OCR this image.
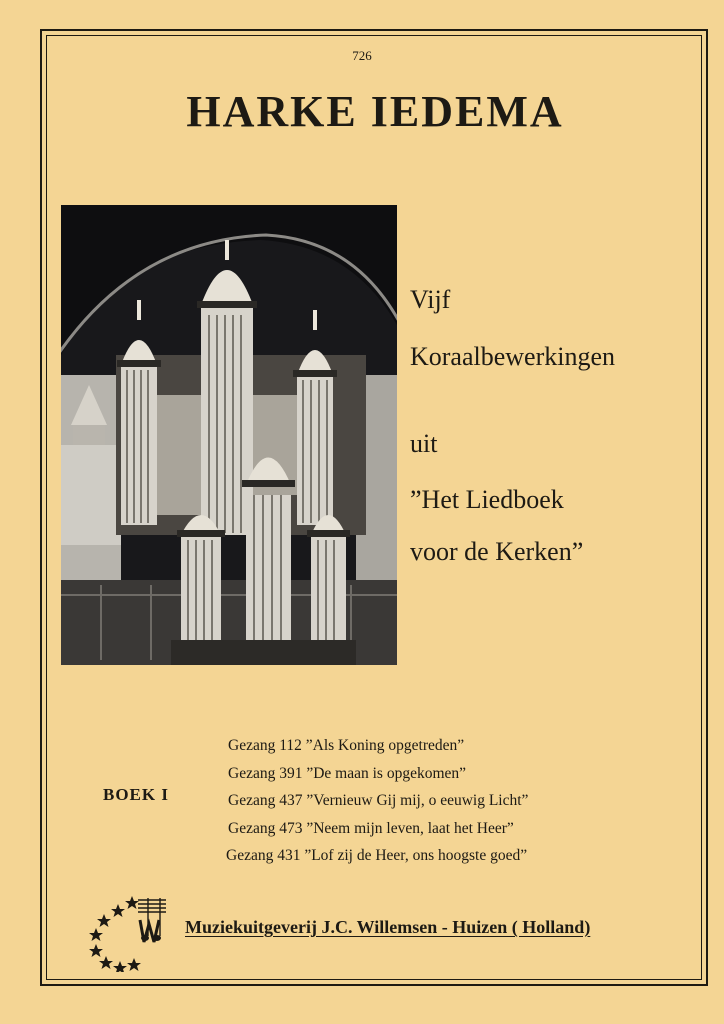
726
HARKE IEDEMA
Vijf
Koraalbewerkingen
uit
”Het Liedboek
voor de Kerken”
BOEK I
Gezang 112 ”Als Koning opgetreden”
Gezang 391 ”De maan is opgekomen”
Gezang 437 ”Vernieuw Gij mij, o eeuwig Licht”
Gezang 473 ”Neem mijn leven, laat het Heer”
Gezang 431 ”Lof zij de Heer, ons hoogste goed”
Muziekuitgeverij J.C. Willemsen - Huizen ( Holland)
